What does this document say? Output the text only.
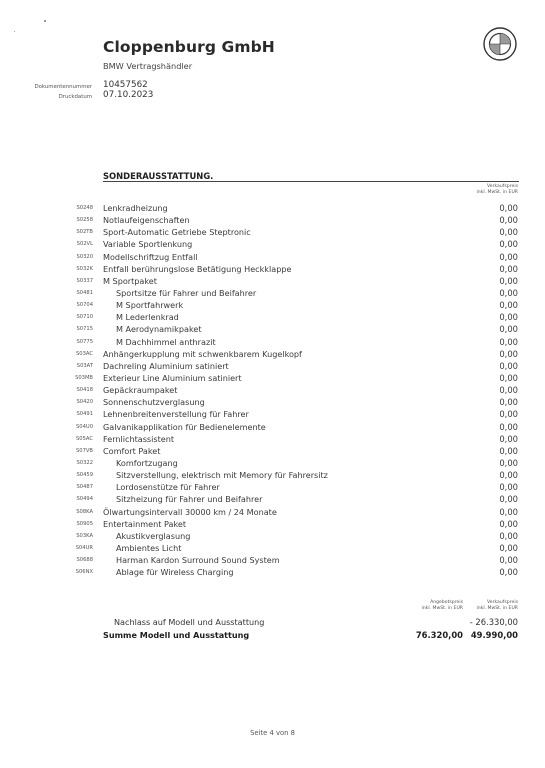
Cloppenburg GmbH
BMW Vertragshändler
Dokumentennummer 10457562
Druckdatum 07.10.2023
SONDERAUSSTATTUNG.
Verkaufspreis
inkl. MwSt. in EUR
S0248 Lenkradheizung	0,00
S0258 Notlaufeigenschaften	0,00
S02TB Sport-Automatic Getriebe Steptronic	0,00
S02VL Variable Sportlenkung	0,00
S0320 Modellschriftzug Entfall	0,00
S032K Entfall berührungslose Betätigung Heckklappe	0,00
S0337 M Sportpaket	0,00
S0481	Sportsitze für Fahrer und Beifahrer	0,00
S0704	M Sportfahrwerk	0,00
S0710	M Lederlenkrad	0,00
S0715	M Aerodynamikpaket	0,00
S0775	M Dachhimmel anthrazit	0,00
S03AC Anhängerkupplung mit schwenkbarem Kugelkopf	0,00
S03AT Dachreling Aluminium satiniert	0,00
S03MB Exterieur Line Aluminium satiniert	0,00
S0418 Gepäckraumpaket	0,00
S0420 Sonnenschutzverglasung	0,00
S0491 Lehnenbreitenverstellung für Fahrer	0,00
S04U0 Galvanikapplikation für Bedienelemente	0,00
S05AC Fernlichtassistent	0,00
S07VB Comfort Paket	0,00
S0322	Komfortzugang	0,00
S0459	Sitzverstellung, elektrisch mit Memory für Fahrersitz	0,00
S0487	Lordosenstütze für Fahrer	0,00
S0494	Sitzheizung für Fahrer und Beifahrer	0,00
S08KA Ölwartungsintervall 30000 km / 24 Monate	0,00
S0905 Entertainment Paket	0,00
S03KA	Akustikverglasung	0,00
S04UR	Ambientes Licht	0,00
S0688	Harman Kardon Surround Sound System	0,00
S06NX	Ablage für Wireless Charging	0,00
Angebotspreis
inkl. MwSt. in EUR
Verkaufspreis
inkl. MwSt. in EUR
Nachlass auf Modell und Ausstattung	- 26.330,00
Summe Modell und Ausstattung	76.320,00 49.990,00
Seite 4 von 8
